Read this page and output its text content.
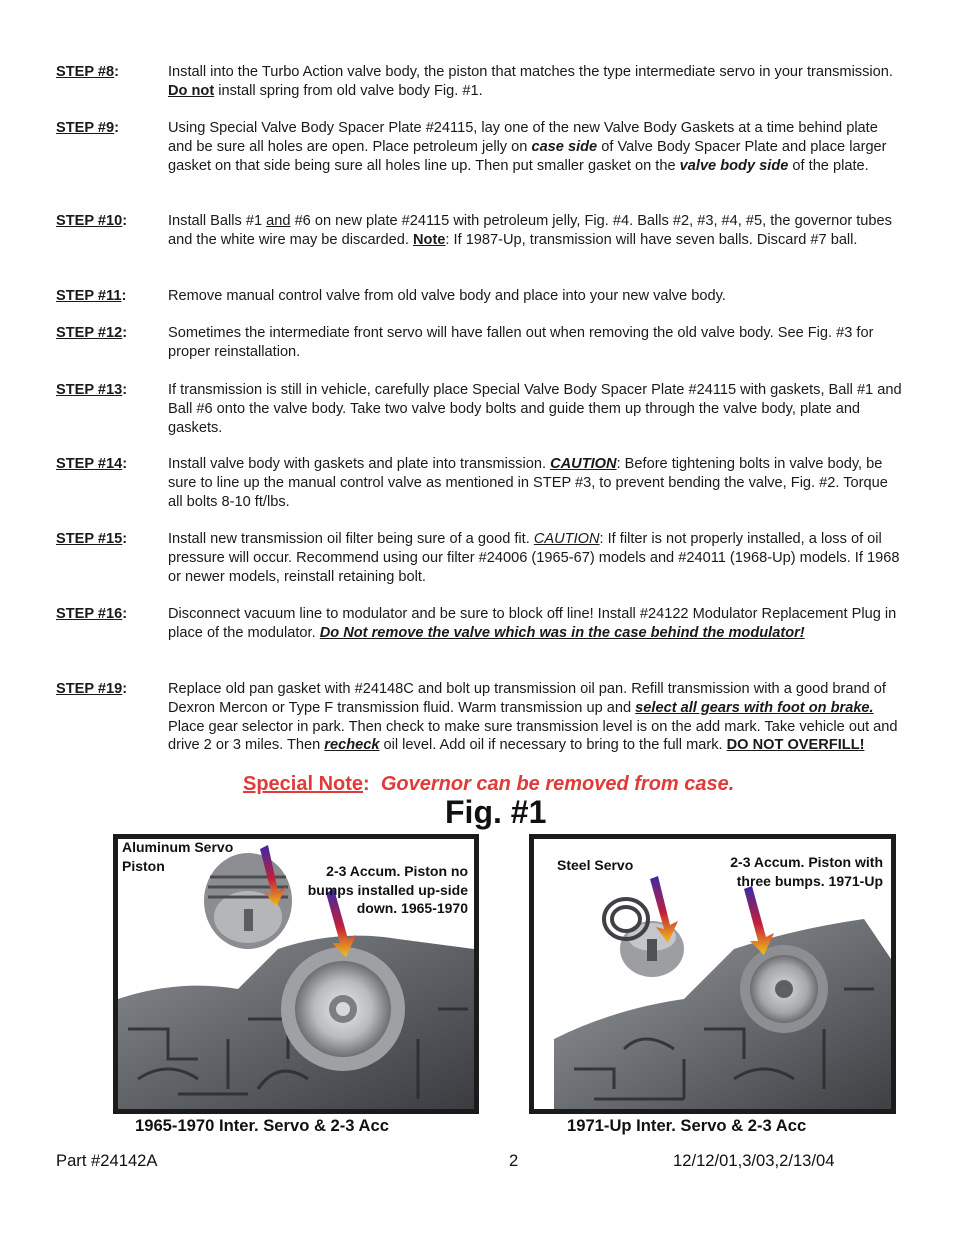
STEP #8:	Install into the Turbo Action valve body, the piston that matches the type intermediate servo in your transmission. Do not install spring from old valve body Fig. #1.
STEP #9:	Using Special Valve Body Spacer Plate #24115, lay one of the new Valve Body Gaskets at a time behind plate and be sure all holes are open. Place petroleum jelly on case side of Valve Body Spacer Plate and place larger gasket on that side being sure all holes line up. Then put smaller gasket on the valve body side of the plate.
STEP #10:	Install Balls #1 and #6 on new plate #24115 with petroleum jelly, Fig. #4. Balls #2, #3, #4, #5, the governor tubes and the white wire may be discarded. Note: If 1987-Up, transmission will have seven balls. Discard #7 ball.
STEP #11:	Remove manual control valve from old valve body and place into your new valve body.
STEP #12:	Sometimes the intermediate front servo will have fallen out when removing the old valve body. See Fig. #3 for proper reinstallation.
STEP #13:	If transmission is still in vehicle, carefully place Special Valve Body Spacer Plate #24115 with gaskets, Ball #1 and Ball #6 onto the valve body. Take two valve body bolts and guide them up through the valve body, plate and gaskets.
STEP #14:	Install valve body with gaskets and plate into transmission. CAUTION: Before tightening bolts in valve body, be sure to line up the manual control valve as mentioned in STEP #3, to prevent bending the valve, Fig. #2. Torque all bolts 8-10 ft/lbs.
STEP #15:	Install new transmission oil filter being sure of a good fit. CAUTION: If filter is not properly installed, a loss of oil pressure will occur. Recommend using our filter #24006 (1965-67) models and #24011 (1968-Up) models. If 1968 or newer models, reinstall retaining bolt.
STEP #16:	Disconnect vacuum line to modulator and be sure to block off line! Install #24122 Modulator Replacement Plug in place of the modulator. Do Not remove the valve which was in the case behind the modulator!
STEP #19:	Replace old pan gasket with #24148C and bolt up transmission oil pan. Refill transmission with a good brand of Dexron Mercon or Type F transmission fluid. Warm transmission up and select all gears with foot on brake. Place gear selector in park. Then check to make sure transmission level is on the add mark. Take vehicle out and drive 2 or 3 miles. Then recheck oil level. Add oil if necessary to bring to the full mark. DO NOT OVERFILL!
Special Note: Governor can be removed from case.
Fig. #1
Aluminum Servo Piston	2-3 Accum. Piston no bumps installed up-side down. 1965-1970
1965-1970 Inter. Servo & 2-3 Acc
Steel Servo	2-3 Accum. Piston with three bumps. 1971-Up
1971-Up Inter. Servo & 2-3 Acc
Part #24142A	2	12/12/01,3/03,2/13/04
